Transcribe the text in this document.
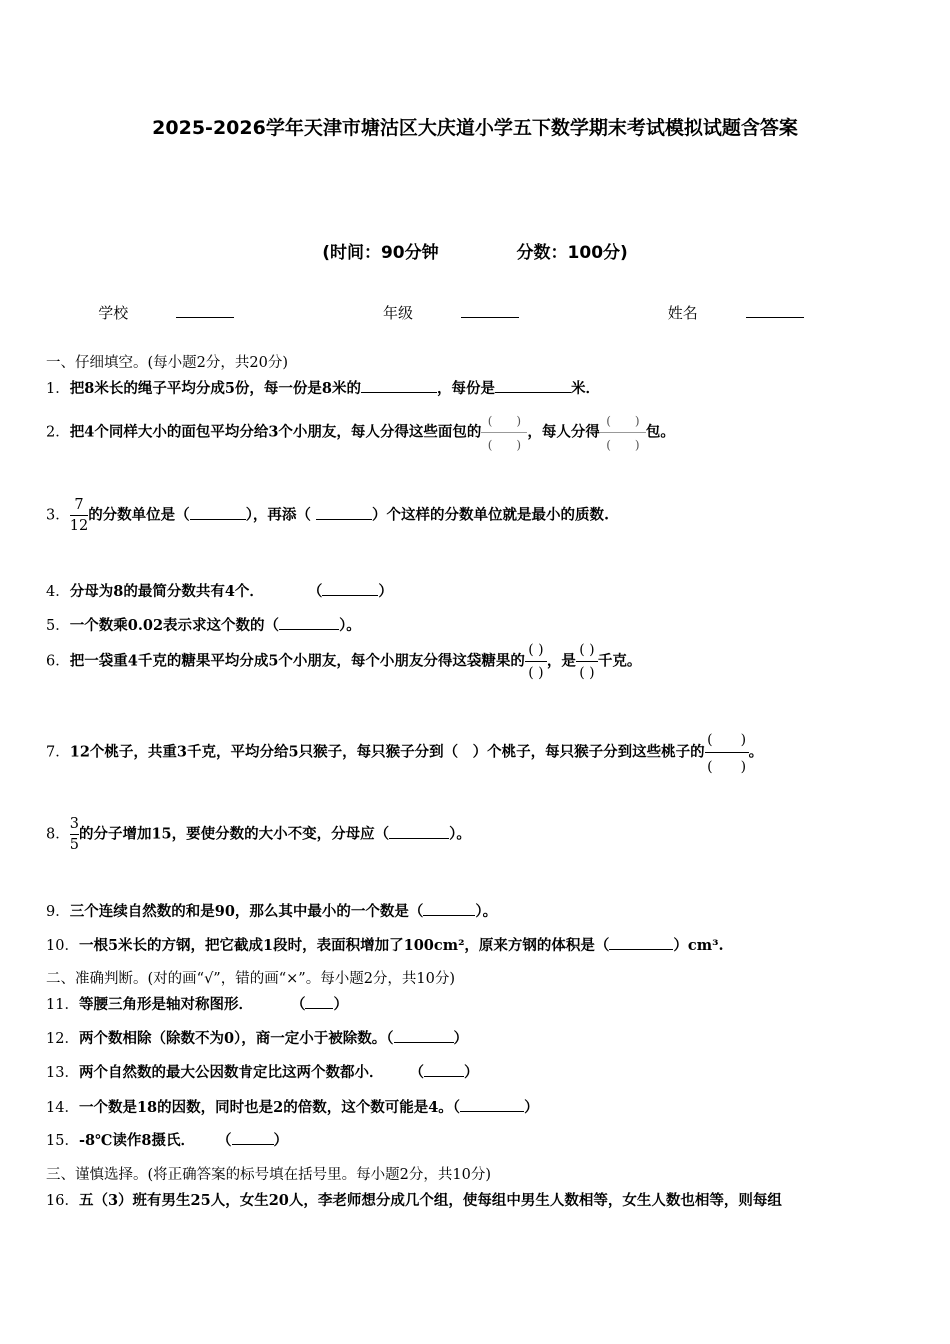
2025-2026学年天津市塘沽区大庆道小学五下数学期末考试模拟试题含答案
(时间：90分钟	分数：100分)
学校	年级	姓名
一、仔细填空。(每小题2分，共20分)
1．把8米长的绳子平均分成5份，每一份是8米的	，每份是	米．
2．把4个同样大小的面包平均分给3个小朋友，每人分得这些面包的$\frac{( )}{( )}$，每人分得$\frac{( )}{( )}$包。
3． $\frac{7}{12}$ 的分数单位是（	），再添（	）个这样的分数单位就是最小的质数.
4．分母为8的最简分数共有4个．	（	）
5．一个数乘0.02表示求这个数的（	）。
6．把一袋重4千克的糖果平均分成5个小朋友，每个小朋友分得这袋糖果的$\frac{( )}{( )}$，是$\frac{( )}{( )}$千克。
7．12个桃子，共重3千克，平均分给5只猴子，每只猴子分到（　）个桃子，每只猴子分到这些桃子的$\frac{( )}{( )}$。
8． $\frac{3}{5}$ 的分子增加15，要使分数的大小不变，分母应（	）。
9．三个连续自然数的和是90，那么其中最小的一个数是（	）。
10．一根5米长的方钢，把它截成1段时，表面积增加了100cm²，原来方钢的体积是（	）cm³.
二、准确判断。(对的画“√”，错的画“×”。每小题2分，共10分)
11．等腰三角形是轴对称图形．	（ ）
12．两个数相除（除数不为0），商一定小于被除数。（	）
13．两个自然数的最大公因数肯定比这两个数都小． （	）
14．一个数是18的因数，同时也是2的倍数，这个数可能是4。（	）
15．-8℃读作8摄氏． （	）
三、谨慎选择。(将正确答案的标号填在括号里。每小题2分，共10分)
16．五（3）班有男生25人，女生20人，李老师想分成几个组，使每组中男生人数相等，女生人数也相等，则每组
